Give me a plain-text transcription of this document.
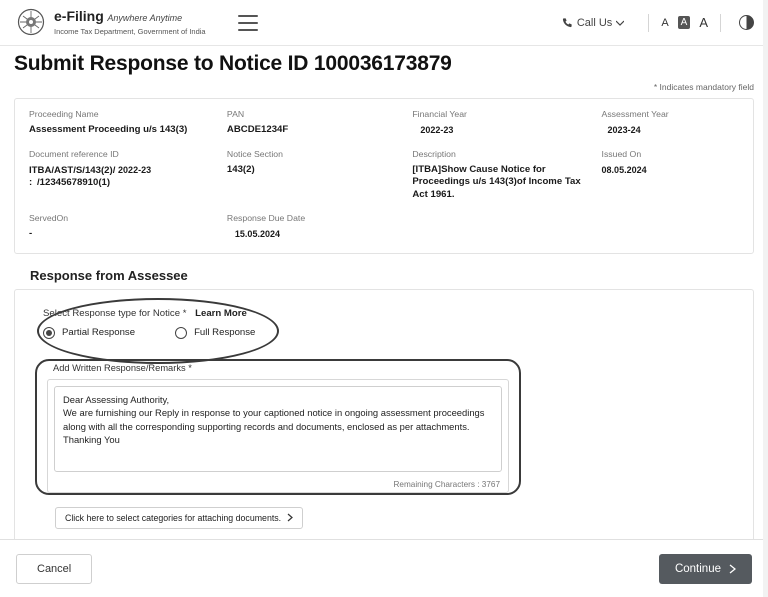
e-Filing Anywhere Anytime
Income Tax Department, Government of India
Call Us	A	A A
Submit Response to Notice ID 100036173879
* Indicates mandatory field
Proceeding Name
Assessment Proceeding u/s 143(3)
PAN
ABCDE1234F
Financial Year
2022-23
Assessment Year
2023-24
Document reference ID
ITBA/AST/S/143(2)/ 2022-23
: /12345678910(1)
Notice Section
143(2)
Description
[ITBA]Show Cause Notice for Proceedings u/s 143(3)of Income Tax Act 1961.
Issued On
08.05.2024
ServedOn
-
Response Due Date
15.05.2024
Response from Assessee
Select Response type for Notice * Learn More
Partial Response	Full Response
Add Written Response/Remarks *
Dear Assessing Authority, We are furnishing our Reply in response to your captioned notice in ongoing assessment proceedings along with all the corresponding supporting records and documents, enclosed as per attachments. Thanking You
Remaining Characters : 3767
Click here to select categories for attaching documents.
Cancel	Continue
